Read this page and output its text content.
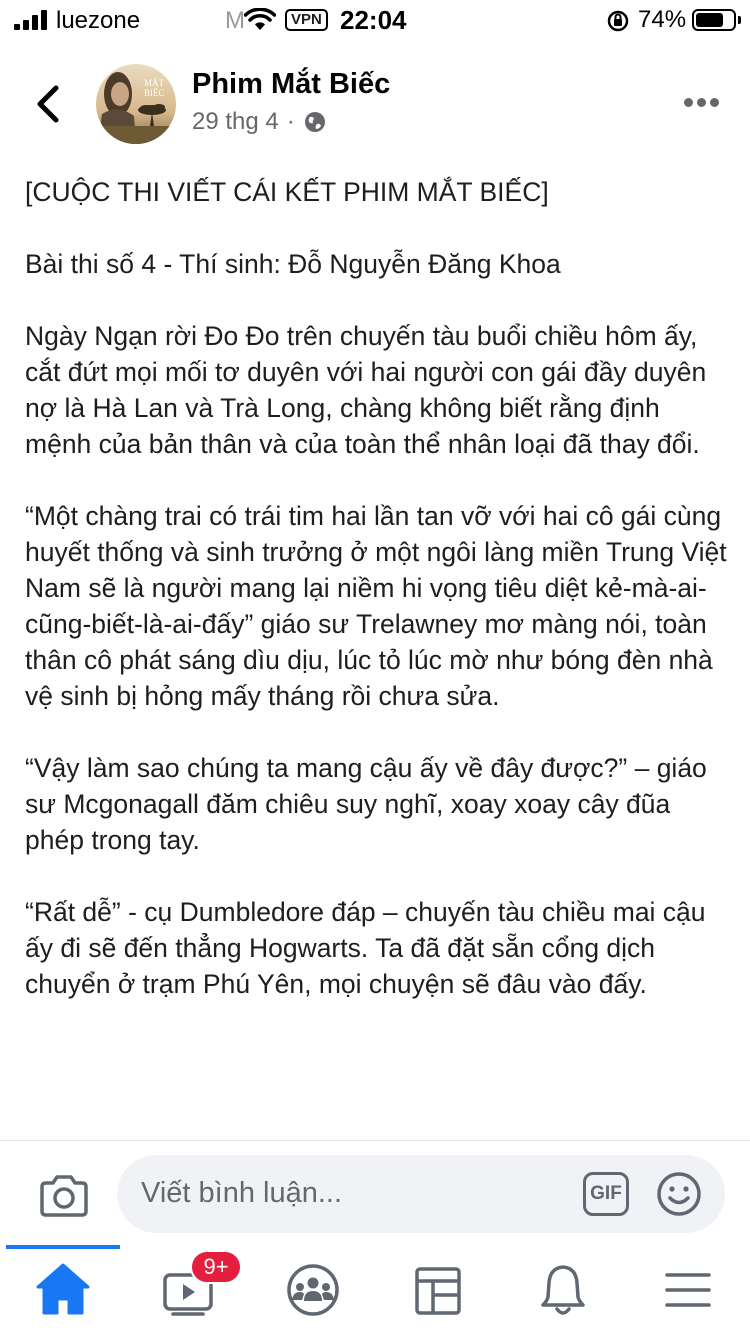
luezone	M	VPN 22:04	74%
MẮT
BIẾC Phim Mắt Biếc
29 thg 4 ·

[CUỘC THI VIẾT CÁI KẾT PHIM MẮT BIẾC]

Bài thi số 4 - Thí sinh: Đỗ Nguyễn Đăng Khoa

Ngày Ngạn rời Đo Đo trên chuyến tàu buổi chiều hôm ấy, cắt đứt mọi mối tơ duyên với hai người con gái đầy duyên nợ là Hà Lan và Trà Long, chàng không biết rằng định mệnh của bản thân và của toàn thể nhân loại đã thay đổi.

“Một chàng trai có trái tim hai lần tan vỡ với hai cô gái cùng huyết thống và sinh trưởng ở một ngôi làng miền Trung Việt Nam sẽ là người mang lại niềm hi vọng tiêu diệt kẻ-mà-ai-cũng-biết-là-ai-đấy” giáo sư Trelawney mơ màng nói, toàn thân cô phát sáng dìu dịu, lúc tỏ lúc mờ như bóng đèn nhà vệ sinh bị hỏng mấy tháng rồi chưa sửa.

“Vậy làm sao chúng ta mang cậu ấy về đây được?” – giáo sư Mcgonagall đăm chiêu suy nghĩ, xoay xoay cây đũa phép trong tay.

“Rất dễ” - cụ Dumbledore đáp – chuyến tàu chiều mai cậu ấy đi sẽ đến thẳng Hogwarts. Ta đã đặt sẵn cổng dịch chuyển ở trạm Phú Yên, mọi chuyện sẽ đâu vào đấy.

Viết bình luận...	GIF
9+
